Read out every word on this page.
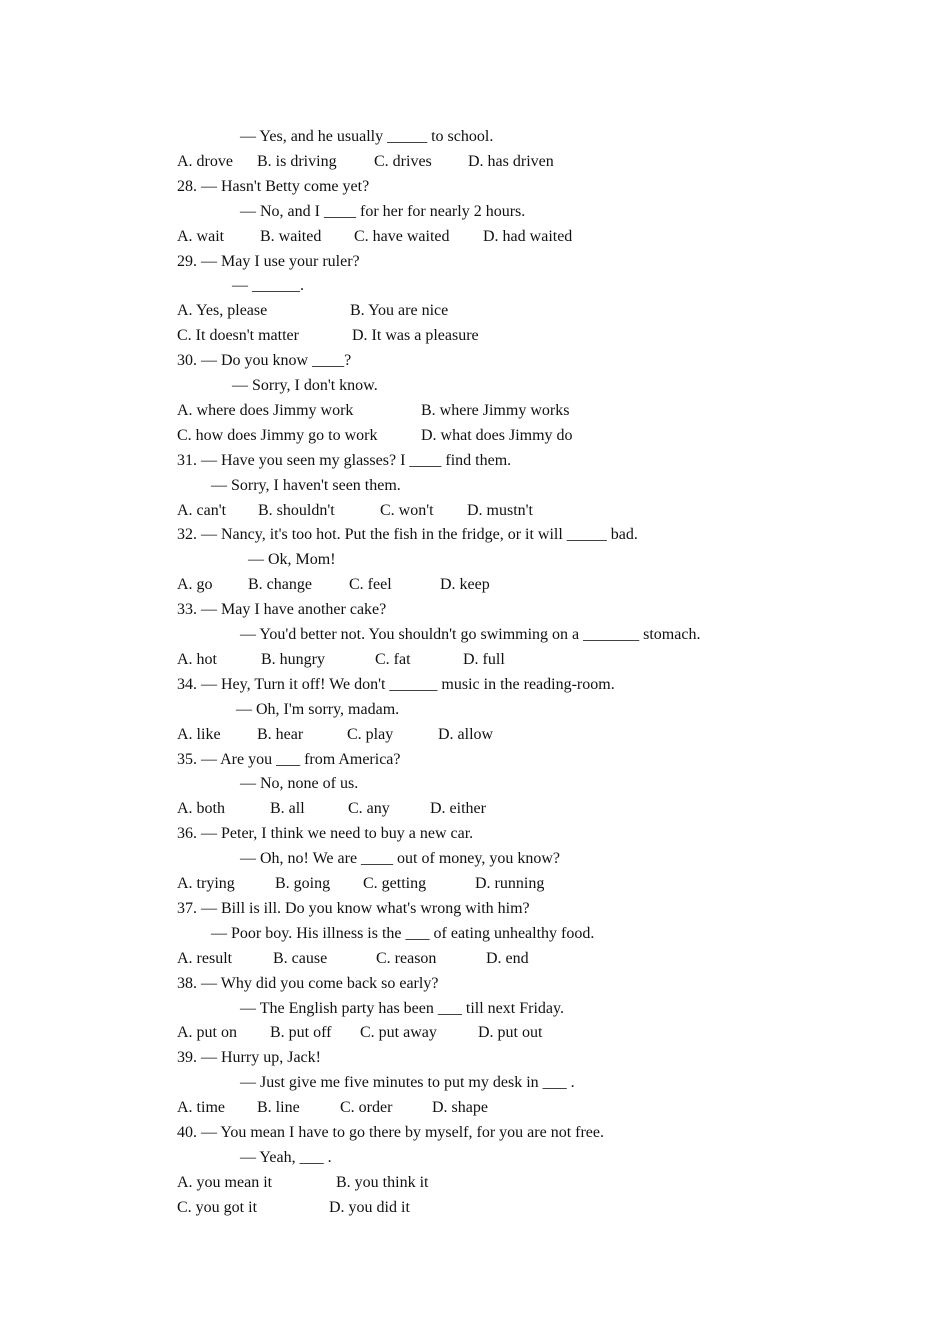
— Yes, and he usually _____ to school.
A. drove B. is driving C. drives D. has driven
28. — Hasn't Betty come yet?
— No, and I ____ for her for nearly 2 hours.
A. wait B. waited C. have waited D. had waited
29. — May I use your ruler?
— ______.
A. Yes, please	B. You are nice
C. It doesn't matter	D. It was a pleasure
30. — Do you know ____?
— Sorry, I don't know.
A. where does Jimmy work	B. where Jimmy works
C. how does Jimmy go to work	D. what does Jimmy do
31. — Have you seen my glasses? I ____ find them.
— Sorry, I haven't seen them.
A. can't B. shouldn't	C. won't D. mustn't
32. — Nancy, it's too hot. Put the fish in the fridge, or it will _____ bad.
— Ok, Mom!
A. go B. change C. feel	D. keep
33. — May I have another cake?
— You'd better not. You shouldn't go swimming on a _______ stomach.
A. hot	B. hungry	C. fat	D. full
34. — Hey, Turn it off! We don't ______ music in the reading-room.
— Oh, I'm sorry, madam.
A. like B. hear	C. play	D. allow
35. — Are you ___ from America?
— No, none of us.
A. both	B. all	C. any	D. either
36. — Peter, I think we need to buy a new car.
— Oh, no! We are ____ out of money, you know?
A. trying	B. going C. getting	D. running
37. — Bill is ill. Do you know what's wrong with him?
— Poor boy. His illness is the ___ of eating unhealthy food.
A. result	B. cause	C. reason	D. end
38. — Why did you come back so early?
— The English party has been ___ till next Friday.
A. put on B. put off C. put away	D. put out
39. — Hurry up, Jack!
— Just give me five minutes to put my desk in ___ .
A. time B. line	C. order D. shape
40. — You mean I have to go there by myself, for you are not free.
— Yeah, ___ .
A. you mean it	B. you think it
C. you got it	D. you did it
